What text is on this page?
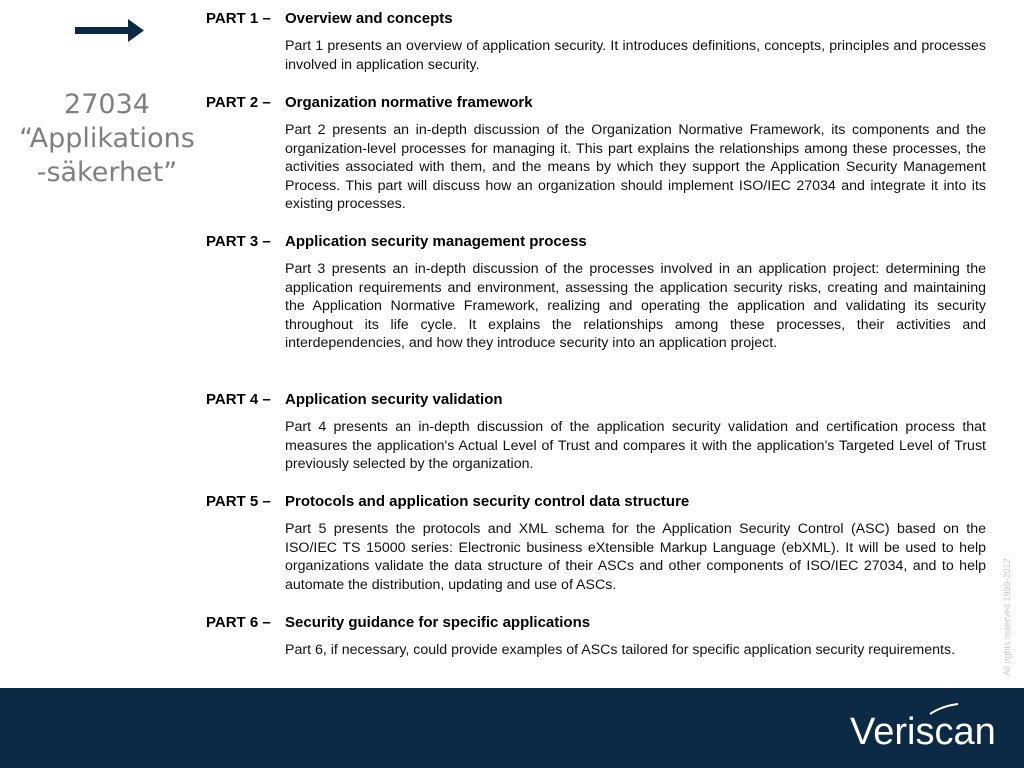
27034
“Applikations
-säkerhet”
PART 1 – Overview and concepts
Part 1 presents an overview of application security. It introduces definitions, concepts, principles and processes involved in application security.
PART 2 – Organization normative framework
Part 2 presents an in-depth discussion of the Organization Normative Framework, its components and the organization-level processes for managing it. This part explains the relationships among these processes, the activities associated with them, and the means by which they support the Application Security Management Process. This part will discuss how an organization should implement ISO/IEC 27034 and integrate it into its existing processes.
PART 3 – Application security management process
Part 3 presents an in-depth discussion of the processes involved in an application project: determining the application requirements and environment, assessing the application security risks, creating and maintaining the Application Normative Framework, realizing and operating the application and validating its security throughout its life cycle. It explains the relationships among these processes, their activities and interdependencies, and how they introduce security into an application project.
PART 4 – Application security validation
Part 4 presents an in-depth discussion of the application security validation and certification process that measures the application's Actual Level of Trust and compares it with the application's Targeted Level of Trust previously selected by the organization.
PART 5 – Protocols and application security control data structure
Part 5 presents the protocols and XML schema for the Application Security Control (ASC) based on the ISO/IEC TS 15000 series: Electronic business eXtensible Markup Language (ebXML). It will be used to help organizations validate the data structure of their ASCs and other components of ISO/IEC 27034, and to help automate the distribution, updating and use of ASCs.
PART 6 – Security guidance for specific applications
Part 6, if necessary, could provide examples of ASCs tailored for specific application security requirements.	All rights reserved 1999-2012
Veriscan
